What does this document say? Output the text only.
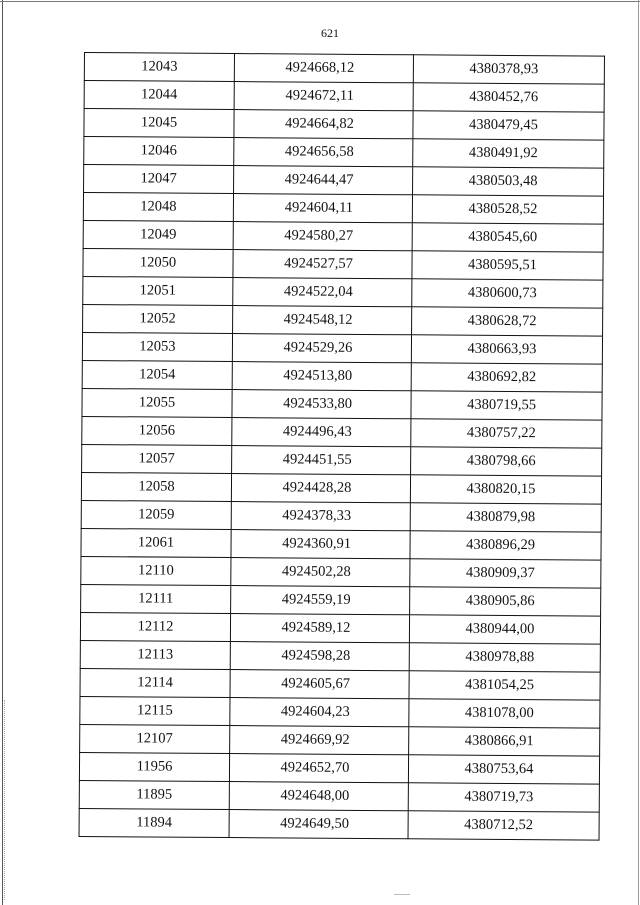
621
12043	4924668,12	4380378,93
12044	4924672,11	4380452,76
12045	4924664,82	4380479,45
12046	4924656,58	4380491,92
12047	4924644,47	4380503,48
12048	4924604,11	4380528,52
12049	4924580,27	4380545,60
12050	4924527,57	4380595,51
12051	4924522,04	4380600,73
12052	4924548,12	4380628,72
12053	4924529,26	4380663,93
12054	4924513,80	4380692,82
12055	4924533,80	4380719,55
12056	4924496,43	4380757,22
12057	4924451,55	4380798,66
12058	4924428,28	4380820,15
12059	4924378,33	4380879,98
12061	4924360,91	4380896,29
12110	4924502,28	4380909,37
12111	4924559,19	4380905,86
12112	4924589,12	4380944,00
12113	4924598,28	4380978,88
12114	4924605,67	4381054,25
12115	4924604,23	4381078,00
12107	4924669,92	4380866,91
11956	4924652,70	4380753,64
11895	4924648,00	4380719,73
11894	4924649,50	4380712,52
